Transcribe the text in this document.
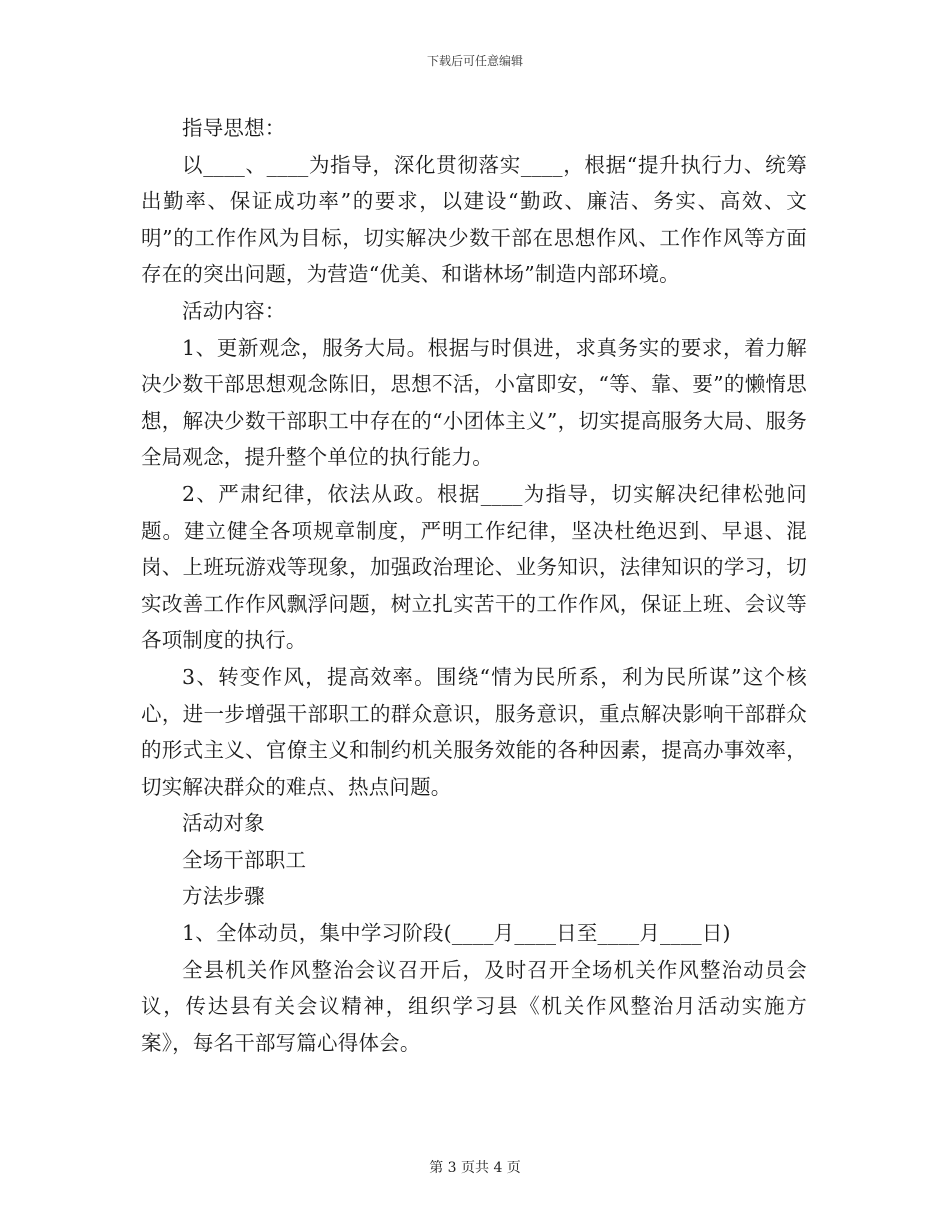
下载后可任意编辑

指导思想：

以____、____为指导，深化贯彻落实____，根据“提升执行力、统筹出勤率、保证成功率”的要求，以建设“勤政、廉洁、务实、高效、文明”的工作作风为目标，切实解决少数干部在思想作风、工作作风等方面存在的突出问题，为营造“优美、和谐林场”制造内部环境。

活动内容：

1、更新观念，服务大局。根据与时俱进，求真务实的要求，着力解决少数干部思想观念陈旧，思想不活，小富即安，“等、靠、要”的懒惰思想，解决少数干部职工中存在的“小团体主义”，切实提高服务大局、服务全局观念，提升整个单位的执行能力。

2、严肃纪律，依法从政。根据____为指导，切实解决纪律松弛问题。建立健全各项规章制度，严明工作纪律，坚决杜绝迟到、早退、混岗、上班玩游戏等现象，加强政治理论、业务知识，法律知识的学习，切实改善工作作风飘浮问题，树立扎实苦干的工作作风，保证上班、会议等各项制度的执行。

3、转变作风，提高效率。围绕“情为民所系，利为民所谋”这个核心，进一步增强干部职工的群众意识，服务意识，重点解决影响干部群众的形式主义、官僚主义和制约机关服务效能的各种因素，提高办事效率，切实解决群众的难点、热点问题。

活动对象

全场干部职工

方法步骤

1、全体动员，集中学习阶段(____月____日至____月____日)

全县机关作风整治会议召开后，及时召开全场机关作风整治动员会议，传达县有关会议精神，组织学习县《机关作风整治月活动实施方案》，每名干部写篇心得体会。

第 3 页共 4 页
